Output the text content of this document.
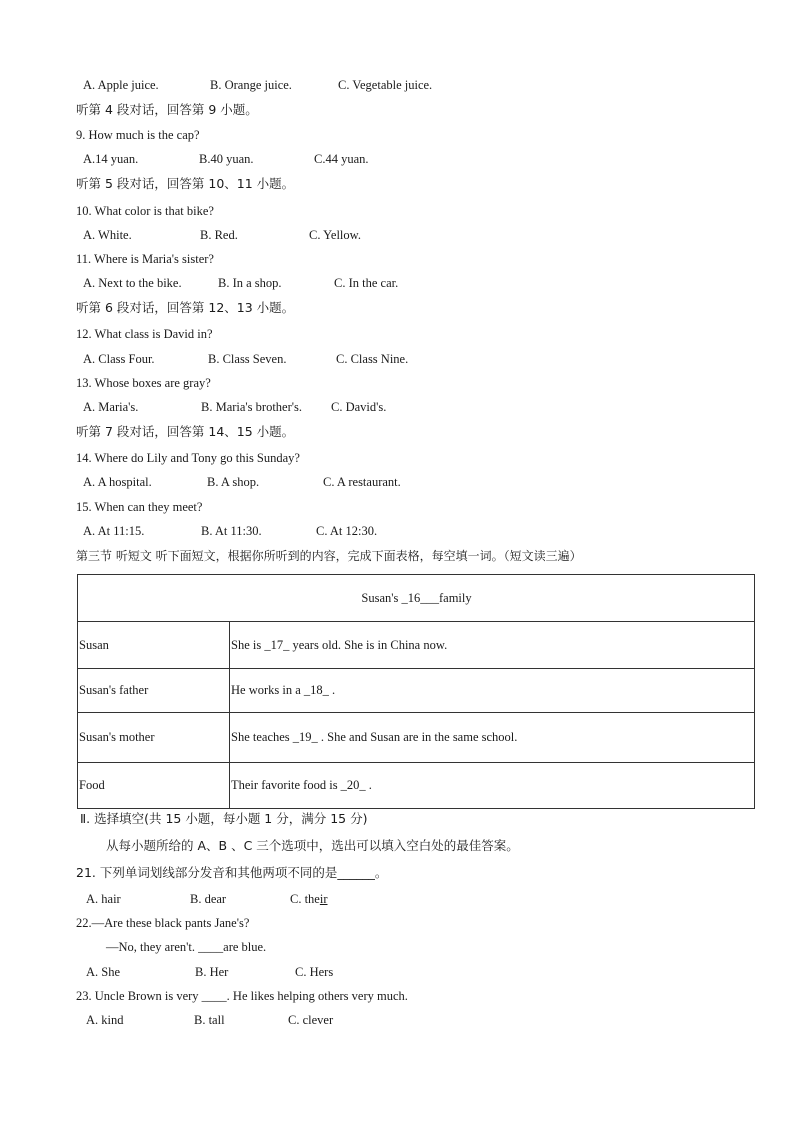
A. Apple juice.	B. Orange juice.	C. Vegetable juice.
听第 4 段对话，回答第 9 小题。
9. How much is the cap?
A.14 yuan.	B.40 yuan.	C.44 yuan.
听第 5 段对话，回答第 10、11 小题。
10. What color is that bike?
A. White.	B. Red.	C. Yellow.
11. Where is Maria's sister?
A. Next to the bike.	B. In a shop.	C. In the car.
听第 6 段对话，回答第 12、13 小题。
12. What class is David in?
A. Class Four.	B. Class Seven.	C. Class Nine.
13. Whose boxes are gray?
A. Maria's.	B. Maria's brother's. C. David's.
听第 7 段对话，回答第 14、15 小题。
14. Where do Lily and Tony go this Sunday?
A. A hospital.	B. A shop.	C. A restaurant.
15. When can they meet?
A. At 11:15.	B. At 11:30.	C. At 12:30.
第三节 听短文 听下面短文，根据你所听到的内容，完成下面表格，每空填一词。（短文读三遍）
Susan's _16___family	
Susan	She is _17_ years old. She is in China now.
Susan's father	He works in a _18_ .
Susan's mother	She teaches _19_ . She and Susan are in the same school.
Food	Their favorite food is _20_ .
Ⅱ. 选择填空(共 15 小题，每小题 1 分，满分 15 分)
从每小题所给的 A、B 、C 三个选项中，选出可以填入空白处的最佳答案。
21. 下列单词划线部分发音和其他两项不同的是______。
A. hair	B. dear	C. their
22.—Are these black pants Jane's?
—No, they aren't. ____are blue.
A. She	B. Her	C. Hers
23. Uncle Brown is very ____. He likes helping others very much.
A. kind	B. tall	C. clever
